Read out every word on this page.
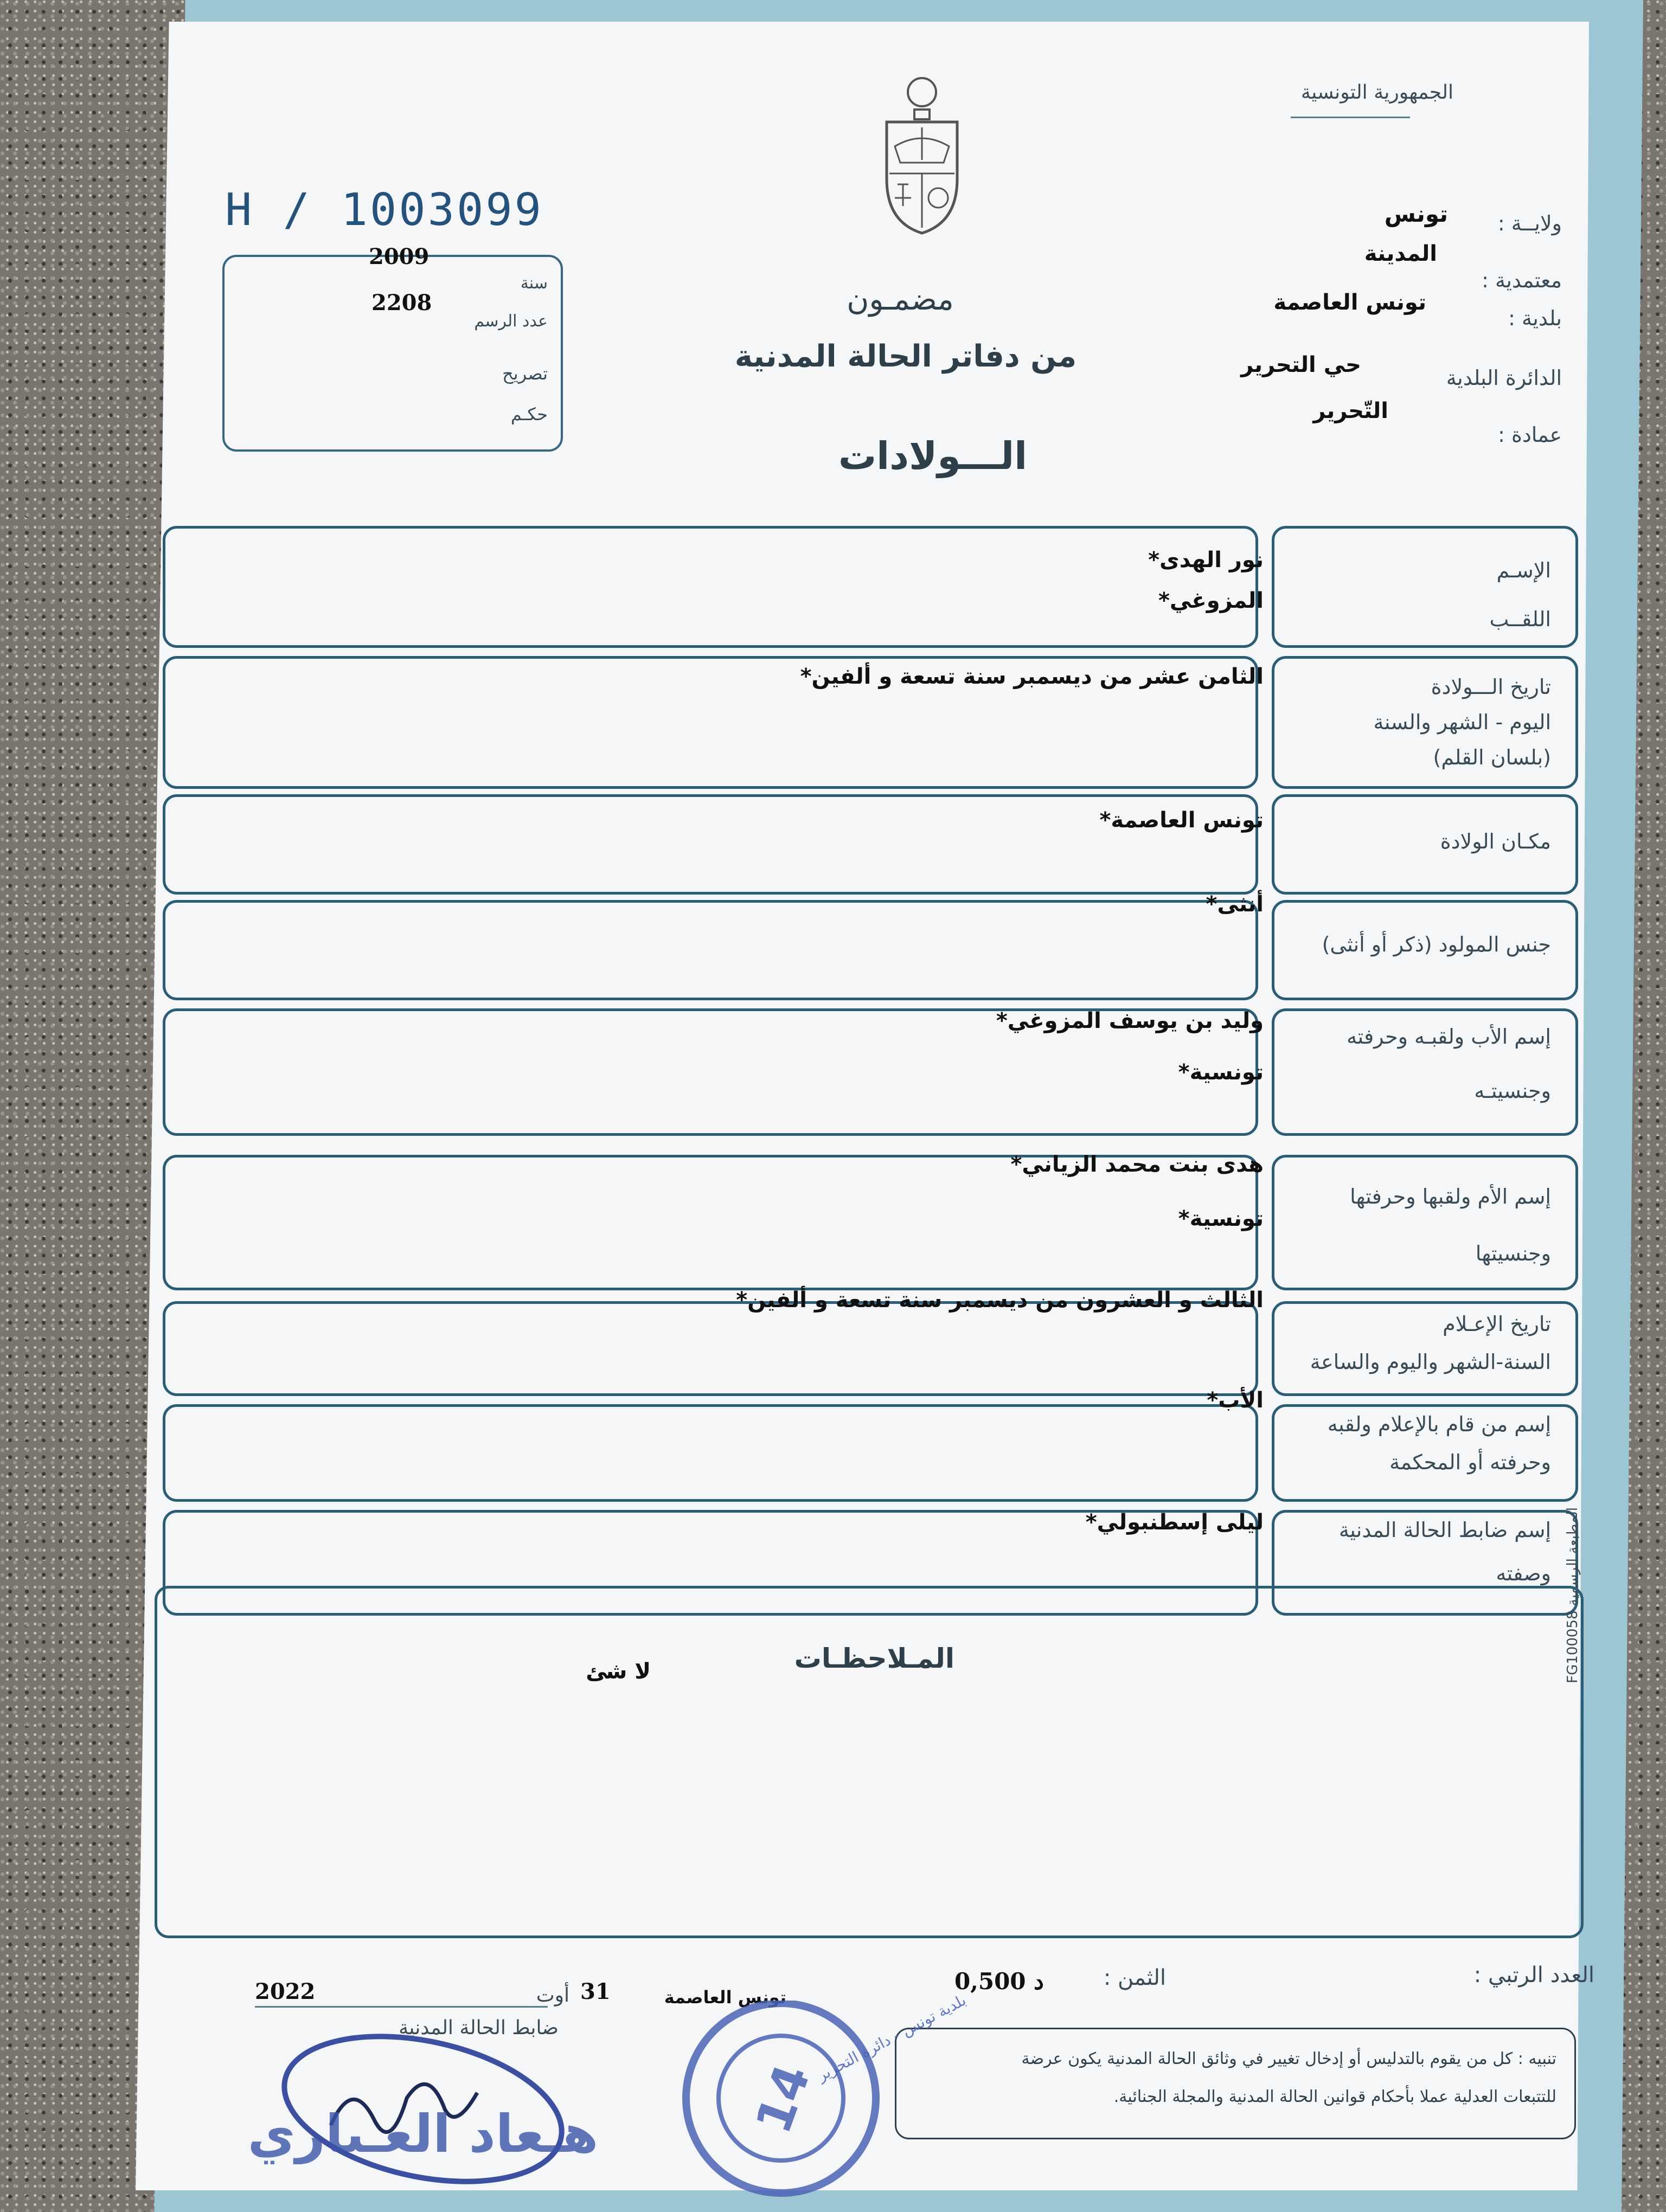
الجمهورية التونسية
H / 1003099
2009
سنة
2208
عدد الرسم
تصريح
حكـم
ولايــة :
تونس
المدينة
معتمدية :
تونس العاصمة
بلدية :
حي التحرير
الدائرة البلدية
التّحرير
عمادة :
مضمـون
من دفاتر الحالة المدنية
الـــولادات
الإسـم
اللقــب
نور الهدى*
المزوغي*
تاريخ الـــولادة
اليوم - الشهر والسنة
(بلسان القلم)
الثامن عشر من ديسمبر سنة تسعة و ألفين*
مكـان الولادة
تونس العاصمة*
جنس المولود (ذكر أو أنثى)
أنثى*
إسم الأب ولقبـه وحرفته
وجنسيتـه
وليد بن يوسف المزوغي*
تونسية*
إسم الأم ولقبها وحرفتها
وجنسيتها
هدى بنت محمد الزياني*
تونسية*
تاريخ الإعـلام
السنة-الشهر واليوم والساعة
الثالث و العشرون من ديسمبر سنة تسعة و ألفين*
إسم من قام بالإعلام ولقبه
وحرفته أو المحكمة
الأب*
إسم ضابط الحالة المدنية
وصفته
ليلى إسطنبولي*
المطبعة الرسمية FG100058
المـلاحظـات
لا شئ
العدد الرتبي :
الثمن :
0,500 د
تونس العاصمة
31
أوت
2022
ضابط الحالة المدنية
تنبيه : كل من يقوم بالتدليس أو إدخال تغيير في وثائق الحالة المدنية يكون عرضة
للتتبعات العدلية عملا بأحكام قوانين الحالة المدنية والمجلة الجنائية.
14
بلدية تونس - دائرة التحرير
هـعاد العـباري
